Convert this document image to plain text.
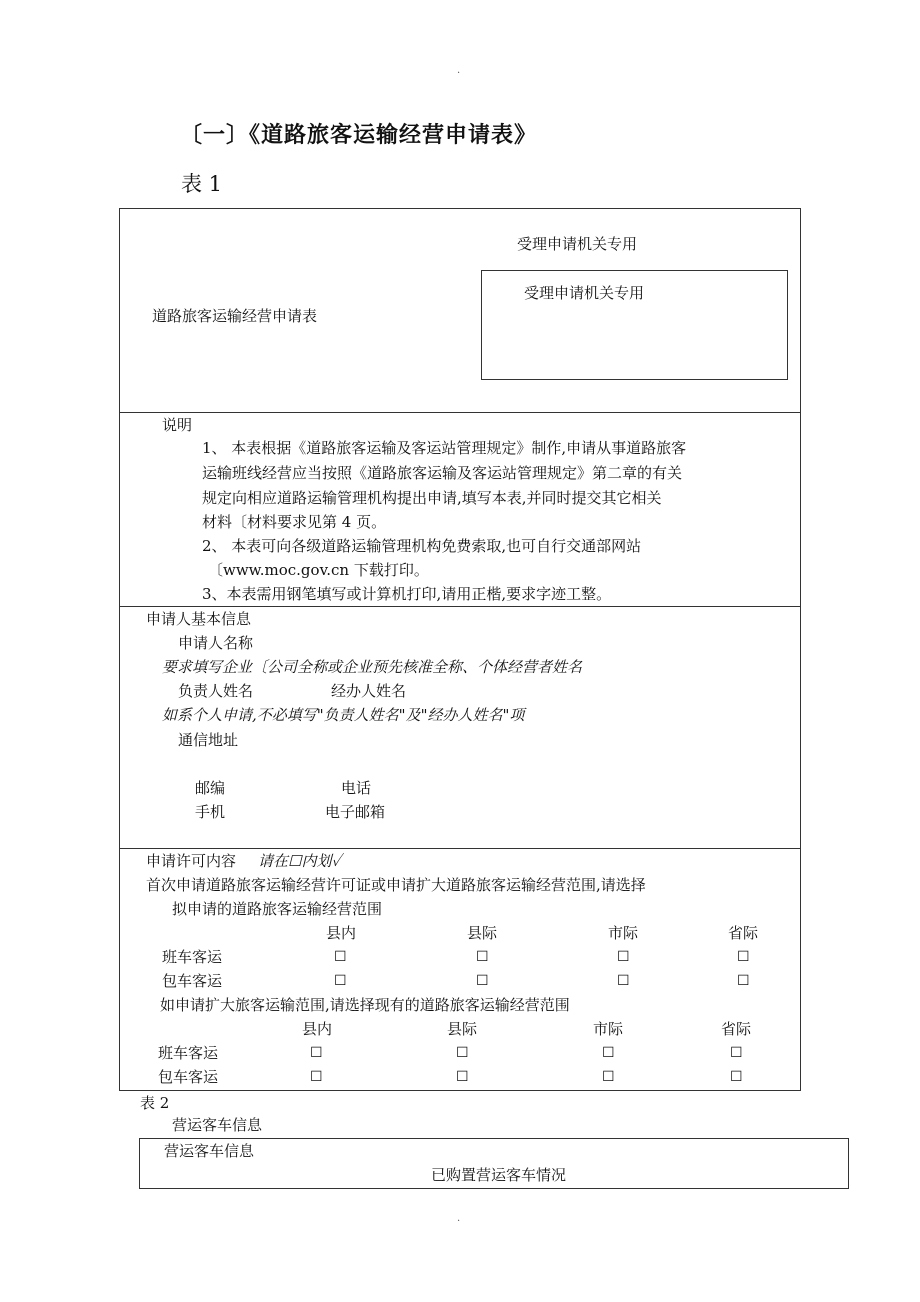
.
.
〔一〕《道路旅客运输经营申请表》
表 1
受理申请机关专用
受理申请机关专用
道路旅客运输经营申请表
说明
1、 本表根据《道路旅客运输及客运站管理规定》制作,申请从事道路旅客
运输班线经营应当按照《道路旅客运输及客运站管理规定》第二章的有关
规定向相应道路运输管理机构提出申请,填写本表,并同时提交其它相关
材料〔材料要求见第 4 页。
2、 本表可向各级道路运输管理机构免费索取,也可自行交通部网站
〔www.moc.gov.cn 下载打印。
3、本表需用钢笔填写或计算机打印,请用正楷,要求字迹工整。
申请人基本信息
申请人名称
要求填写企业〔公司全称或企业预先核准全称、个体经营者姓名
负责人姓名	经办人姓名
如系个人申请,不必填写"负责人姓名"及"经办人姓名"项
通信地址
邮编	电话
手机	电子邮箱
申请许可内容 请在☐内划✓
首次申请道路旅客运输经营许可证或申请扩大道路旅客运输经营范围,请选择
拟申请的道路旅客运输经营范围
县内	县际	市际	省际
班车客运	☐	☐	☐	☐
包车客运	☐	☐	☐	☐
如申请扩大旅客运输范围,请选择现有的道路旅客运输经营范围
县内	县际	市际	省际
班车客运	☐	☐	☐	☐
包车客运	☐	☐	☐	☐
表 2
营运客车信息
营运客车信息
已购置营运客车情况
